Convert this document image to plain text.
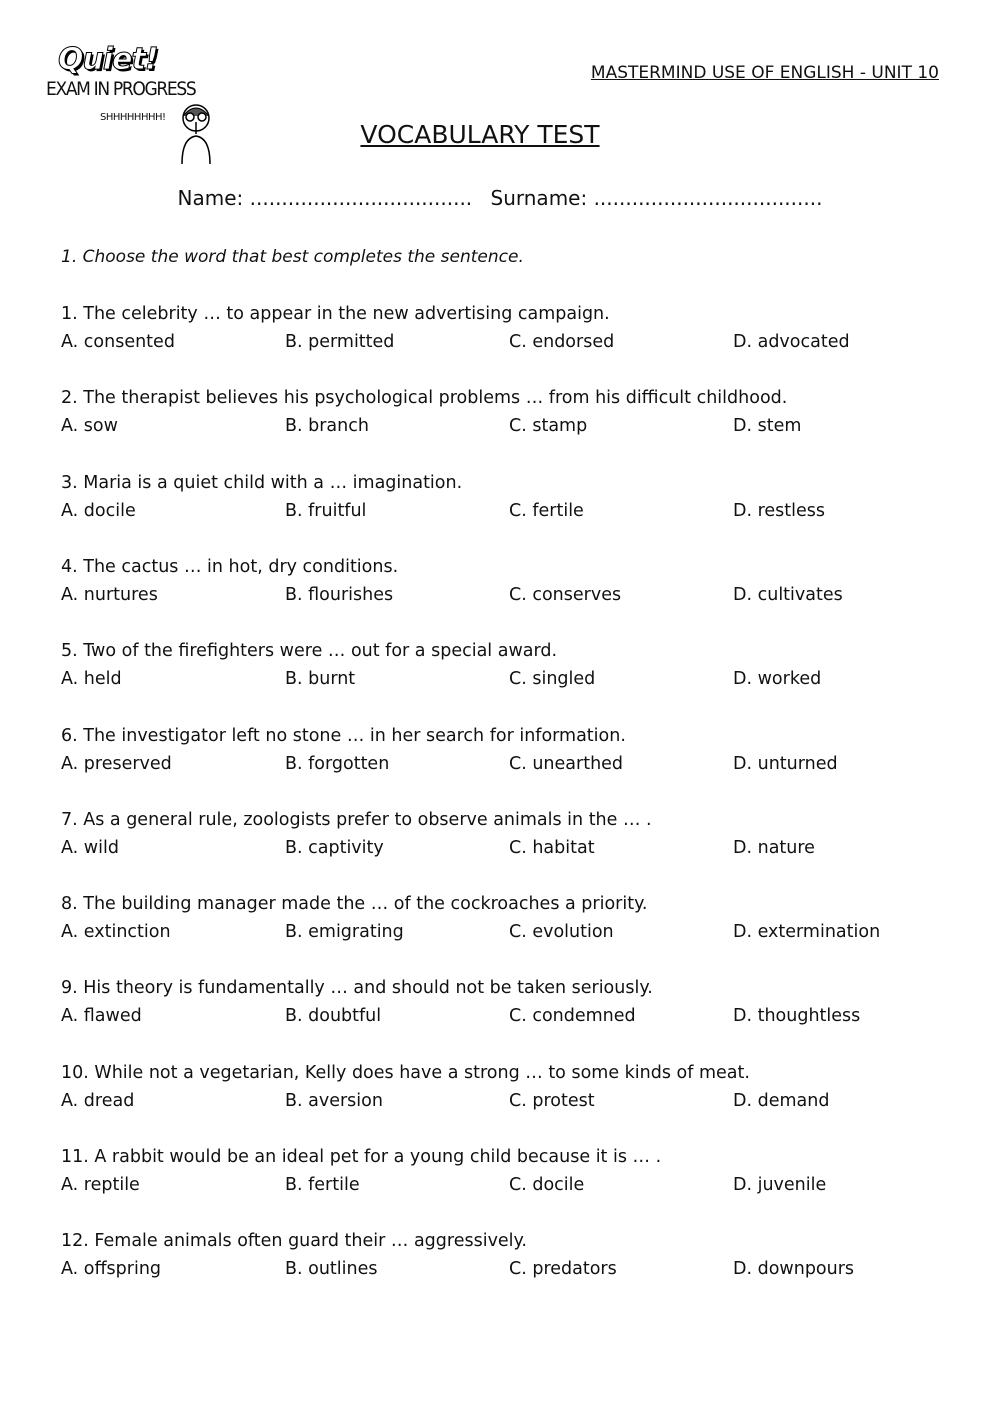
Quiet!
EXAM IN PROGRESS
SHHHHHHHH!
MASTERMIND USE OF ENGLISH - UNIT 10
VOCABULARY TEST
Name: ................................... Surname: ....................................
1. Choose the word that best completes the sentence.
1. The celebrity … to appear in the new advertising campaign.
A. consented	B. permitted	C. endorsed	D. advocated
2. The therapist believes his psychological problems … from his difficult childhood.
A. sow	B. branch	C. stamp	D. stem
3. Maria is a quiet child with a … imagination.
A. docile	B. fruitful	C. fertile	D. restless
4. The cactus … in hot, dry conditions.
A. nurtures	B. flourishes	C. conserves	D. cultivates
5. Two of the firefighters were … out for a special award.
A. held	B. burnt	C. singled	D. worked
6. The investigator left no stone … in her search for information.
A. preserved	B. forgotten	C. unearthed	D. unturned
7. As a general rule, zoologists prefer to observe animals in the … .
A. wild	B. captivity	C. habitat	D. nature
8. The building manager made the … of the cockroaches a priority.
A. extinction	B. emigrating	C. evolution	D. extermination
9. His theory is fundamentally … and should not be taken seriously.
A. flawed	B. doubtful	C. condemned	D. thoughtless
10. While not a vegetarian, Kelly does have a strong … to some kinds of meat.
A. dread	B. aversion	C. protest	D. demand
11. A rabbit would be an ideal pet for a young child because it is … .
A. reptile	B. fertile	C. docile	D. juvenile
12. Female animals often guard their … aggressively.
A. offspring	B. outlines	C. predators	D. downpours
